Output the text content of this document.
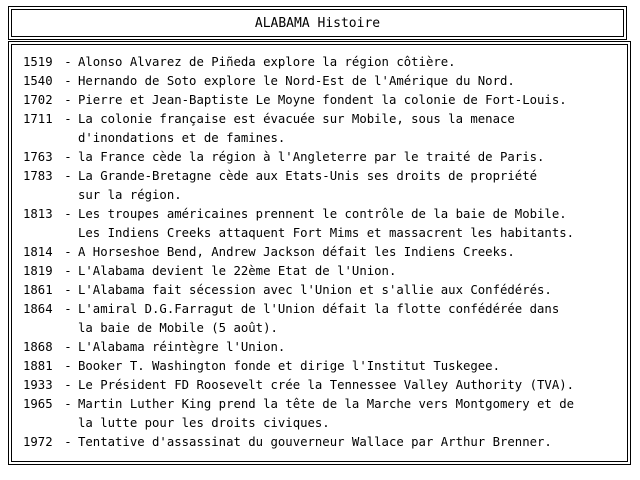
ALABAMA Histoire
1519 - Alonso Alvarez de Piñeda explore la région côtière.
1540 - Hernando de Soto explore le Nord-Est de l'Amérique du Nord.
1702 - Pierre et Jean-Baptiste Le Moyne fondent la colonie de Fort-Louis.
1711 - La colonie française est évacuée sur Mobile, sous la menace
d'inondations et de famines.
1763 - la France cède la région à l'Angleterre par le traité de Paris.
1783 - La Grande-Bretagne cède aux Etats-Unis ses droits de propriété
sur la région.
1813 - Les troupes américaines prennent le contrôle de la baie de Mobile.
Les Indiens Creeks attaquent Fort Mims et massacrent les habitants.
1814 - A Horseshoe Bend, Andrew Jackson défait les Indiens Creeks.
1819 - L'Alabama devient le 22ème Etat de l'Union.
1861 - L'Alabama fait sécession avec l'Union et s'allie aux Confédérés.
1864 - L'amiral D.G.Farragut de l'Union défait la flotte confédérée dans
la baie de Mobile (5 août).
1868 - L'Alabama réintègre l'Union.
1881 - Booker T. Washington fonde et dirige l'Institut Tuskegee.
1933 - Le Président FD Roosevelt crée la Tennessee Valley Authority (TVA).
1965 - Martin Luther King prend la tête de la Marche vers Montgomery et de
la lutte pour les droits civiques.
1972 - Tentative d'assassinat du gouverneur Wallace par Arthur Brenner.
